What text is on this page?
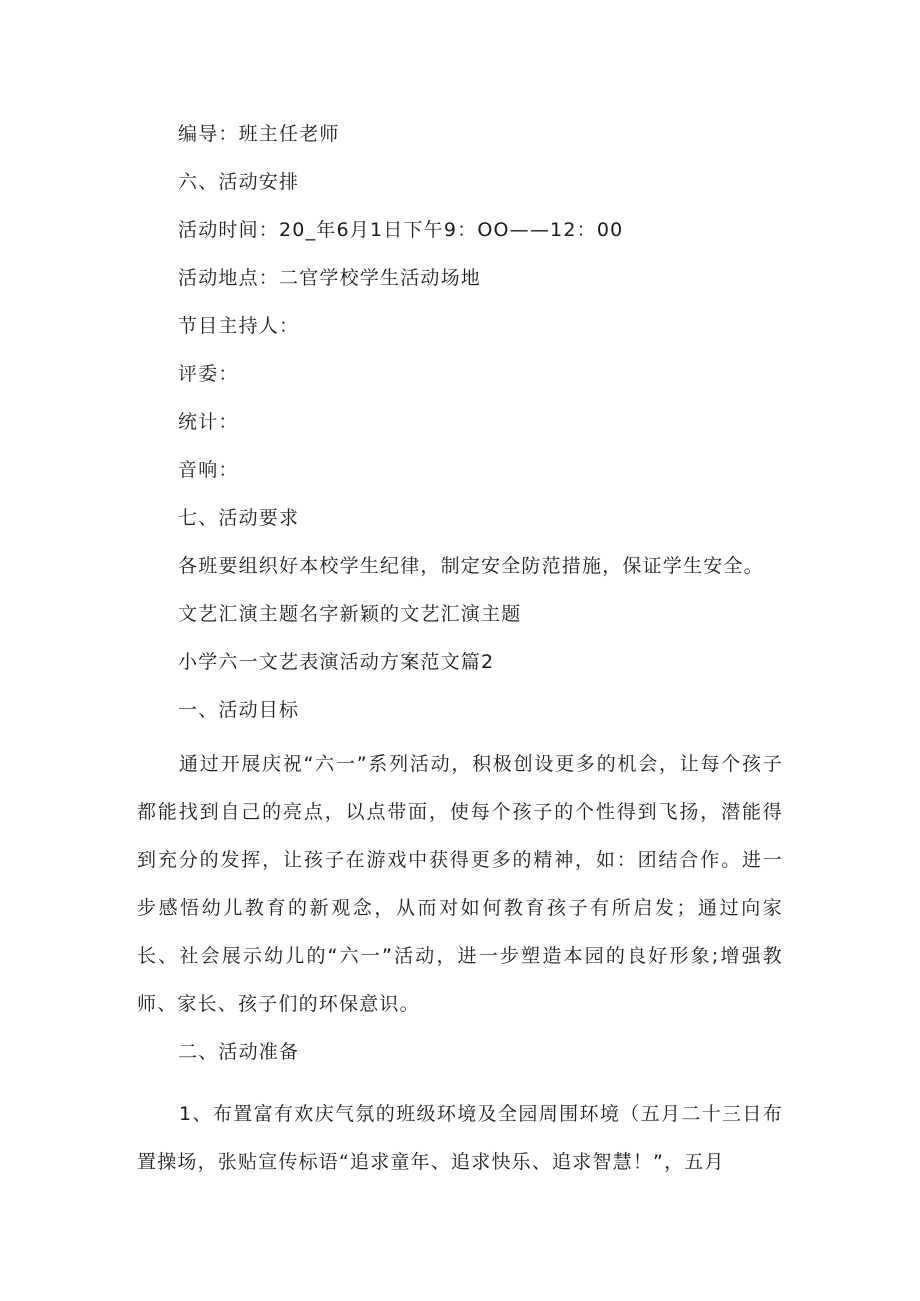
编导：班主任老师
六、活动安排
活动时间：20_年6月1日下午9：OO——12：00
活动地点：二官学校学生活动场地
节目主持人：
评委：
统计：
音响：
七、活动要求
各班要组织好本校学生纪律，制定安全防范措施，保证学生安全。
文艺汇演主题名字新颖的文艺汇演主题
小学六一文艺表演活动方案范文篇2
一、活动目标
通过开展庆祝“六一”系列活动，积极创设更多的机会，让每个孩子都能找到自己的亮点，以点带面，使每个孩子的个性得到飞扬，潜能得到充分的发挥，让孩子在游戏中获得更多的精神，如：团结合作。进一步感悟幼儿教育的新观念，从而对如何教育孩子有所启发；通过向家长、社会展示幼儿的“六一”活动，进一步塑造本园的良好形象;增强教师、家长、孩子们的环保意识。
二、活动准备
1、布置富有欢庆气氛的班级环境及全园周围环境（五月二十三日布置操场，张贴宣传标语“追求童年、追求快乐、追求智慧！”，五月
